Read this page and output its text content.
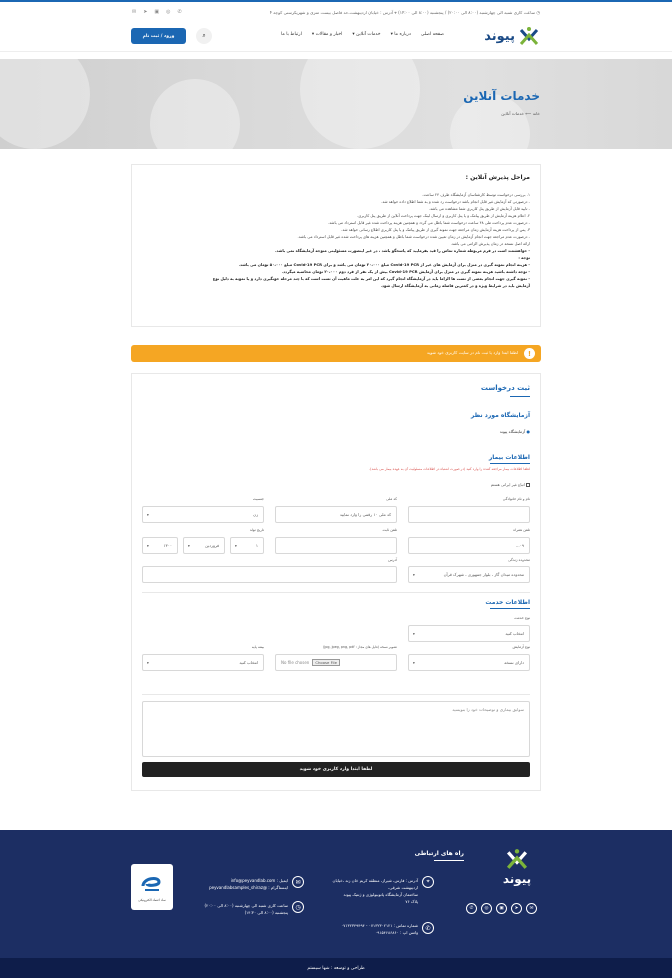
◷ ساعت کاری شنبه الی چهارشنبه (۸:۰۰ الی ۲۰:۰۰) / پنجشنبه (۸:۰۰ الی ۱۴:۰۰) ⌖ آدرس : خیابان اردیبهشت،حد فاصل بیست متری و شهریکرستی کوچه ۴
✆
◎
▣
➤
✉
پیوند
صفحه اصلی
درباره ما ▾
خدمات آنلاین ▾
اخبار و مقالات ▾
ارتباط با ما
⌕
ورود / ثبت نام
خدمات آنلاین
خانه ⟵ خدمات آنلاین
مراحل پذیرش آنلاین :
۱. بررسی درخواست توسط کارشناسان آزمایشگاه ظرف ۲۴ ساعت.
- درصورتی که آزمایش غیر قابل انجام باشد درخواست رد شده و به شما اطلاع داده خواهد شد.
- تایید قابل آزمایش از طریق پنل کاربری شما مشاهده می باشد.
۲. اعلام هزینه آزمایش از طریق پیامک و یا پنل کاربری و ارسال لینک جهت پرداخت آنلاین از طریق پنل کاربری.
- درصورت عدم پرداخت طی ۴۸ ساعت درخواست شما باطل می گردد و همچنین هزینه پرداخت شده غیر قابل استرداد می باشد.
۳. پس از پرداخت هزینه آزمایش زمان مراجعه جهت نمونه گیری از طریق پیامک و یا پنل کاربری اطلاع رسانی خواهد شد.
- درصورت عدم مراجعه جهت انجام آزمایش در زمان تعیین شده درخواست شما باطل و همچنین هزینه های پرداخت شده غیر قابل استرداد می باشد.
ارائه اصل نسخه در زمان پذیرش الزامی می باشد.
- خواهشمند است در فرم مربوطه شماره تماس را قید بفرمایید که پاسخگو باشد ، در غیر اینصورت مسئولیتی متوجه آزمایشگاه نمی باشد.
توجه :
- هزینه انجام نمونه گیری در منزل برای آزمایش های غیر از Covid-19 PCR مبلغ ۲۰،۰۰۰ تومان می باشد و برای Covid-19 PCR مبلغ ۵۰،۰۰۰ تومان می باشد.
- توجه داشته باشید هزینه نمونه گیری در منزل برای آزمایش Covid-19 PCR بیش از یک نفر از فرد دوم ۲۰،۰۰۰ تومان محاسبه میگردد.
- نمونه گیری جهت انجام بعضی از تست ها الزاما باید در آزمایشگاه انجام گیرد که این امر به علت ماهیت آن تست است که با چند مرحله خونگیری دارد و یا نمونه به دلیل نوع
آزمایش باید در شرایط ویژه و در کمترین فاصله زمانی به آزمایشگاه ارسال شود.
!
لطفا ابتدا وارد یا ثبت نام در سایت کاربری خود شوید
ثبت درخواست
آزمایشگاه مورد نظر
● آزمایشگاه پیوند
اطلاعات بیمار
لطفا اطلاعات بیمار مراجعه کننده را وارد کنید (در صورت اشتباه در اطلاعات مسئولیت آن به عهده بیمار می باشد).
اتباع غیر ایرانی هستم
نام و نام خانوادگی
کد ملی
کد ملی ۱۰ رقمی را وارد نمایید
جنسیت
زن
▾
تلفن همراه
۰۹...
تلفن ثابت
تاریخ تولد
۱
▾
فروردین
▾
۱۳۰۰
▾
محدوده زندگی
محدوده میدان گاز ، بلوار جمهوری ، شهرک قرآن
▾
آدرس
اطلاعات خدمت
نوع خدمت
انتخاب کنید
▾
نوع آزمایش
دارای نسخه
▾
تصویر نسخه (فایل های مجاز : jpg, jpeg, png, pdf)
No file chosen	Choose File
بیمه پایه
انتخاب کنید
▾
سوابق بیماری و توضیحات خود را بنویسید
لطفا ابتدا وارد کاربری خود شوید
پیوند
✉
➤
▣
◎
✆
راه های ارتباطی
⌖
آدرس : فارس، شیراز، منطقه کریم خان زند ،خیابان
اردیبهشت شرقی،
ساختمان آزمایشگاه پاتوبیولوژی و ژنتیک پیوند
پلاک ۷۶
✆
شماره تماس : ۰۷۱۳۲۳۰۲۱۲۱ - ۰۷۱۳۲۳۴۹۴۹۴
واتس اپ : ۰۹۱۵۴۶۸۶۸۶۰
✉
ایمیل : info@peyvandlab.com
اینستاگرام : @peyvandlabsamples_shiraz
◷
ساعت کاری شنبه الی چهارشنبه (۸:۰۰ الی ۲۰:۰۰)
پنجشنبه (۸:۰۰ الی ۱۴:۳۰)
نماد اعتماد الکترونیکی
طراحی و توسعه : شها سیستم
